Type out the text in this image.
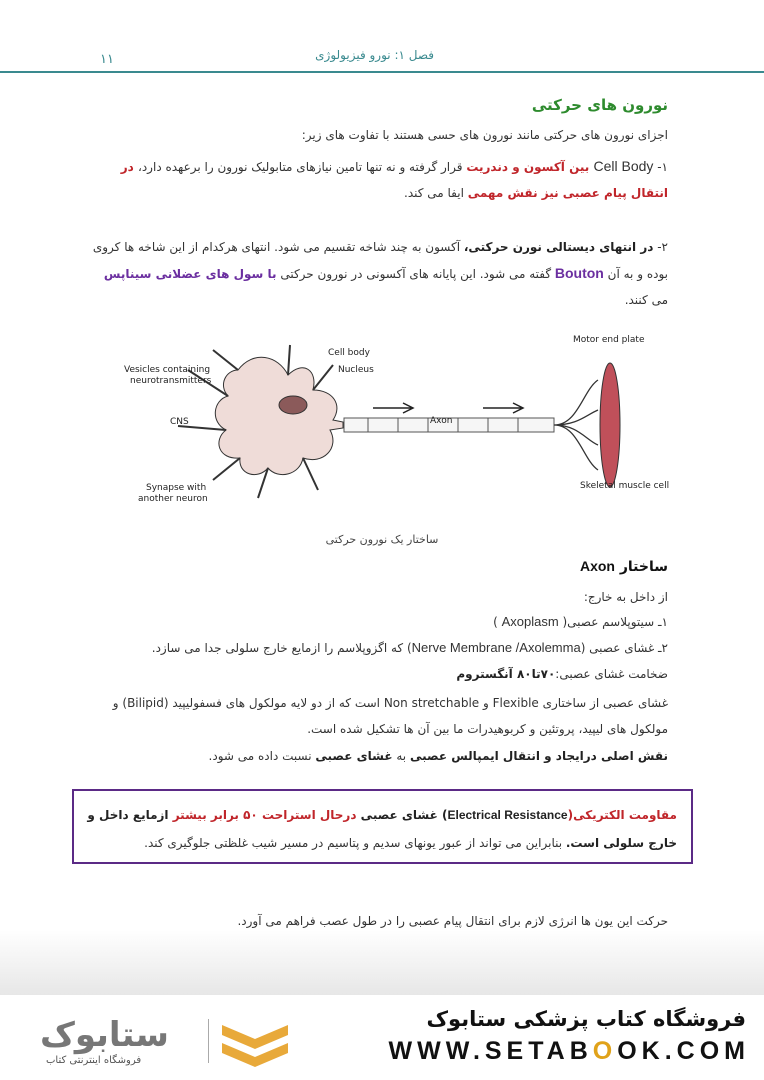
فصل ۱: نورو فیزیولوژی
۱۱
نورون های حرکتی
اجزای نورون های حرکتی مانند نورون های حسی هستند با تفاوت های زیر:
۱- Cell Body بین آکسون و دندریت قرار گرفته و نه تنها تامین نیازهای متابولیک نورون را برعهده دارد، در انتقال پیام عصبی نیز نقش مهمی ایفا می کند.
۲- در انتهای دیستالی نورن حرکتی، آکسون به چند شاخه تقسیم می شود. انتهای هرکدام از این شاخه ها کروی بوده و به آن Bouton گفته می شود. این پایانه های آکسونی در نورون حرکتی با سول های عضلانی سیناپس می کنند.
Vesicles containing
neurotransmitters
CNS
Synapse with
another neuron
Cell body
Nucleus
Axon
Motor end plate
Skeletal muscle cell
ساختار یک نورون حرکتی
ساختار Axon
از داخل به خارج:
۱ـ سیتوپلاسم عصبی( Axoplasm )
۲ـ غشای عصبی (Nerve Membrane /Axolemma) که اگزوپلاسم را ازمایع خارج سلولی جدا می سازد.
ضخامت غشای عصبی:۷۰تا۸۰ آنگستروم
غشای عصبی از ساختاری Flexible و Non stretchable است که از دو لایه مولکول های فسفولیپید (Bilipid) و مولکول های لیپید، پروتئین و کربوهیدرات ما بین آن ها تشکیل شده است.
نقش اصلی درایجاد و انتقال ایمپالس عصبی به غشای عصبی نسبت داده می شود.
مقاومت الکتریکی(Electrical Resistance) غشای عصبی درحال استراحت ۵۰ برابر بیشتر ازمایع داخل و خارج سلولی است. بنابراین می تواند از عبور یونهای سدیم و پتاسیم در مسیر شیب غلظتی جلوگیری کند.
حرکت این یون ها انرژی لازم برای انتقال پیام عصبی را در طول عصب فراهم می آورد.
ستابوک
فروشگاه اینترنتی کتاب
فروشگاه کتاب پزشکی ستابوک
WWW.SETABOOK.COM
